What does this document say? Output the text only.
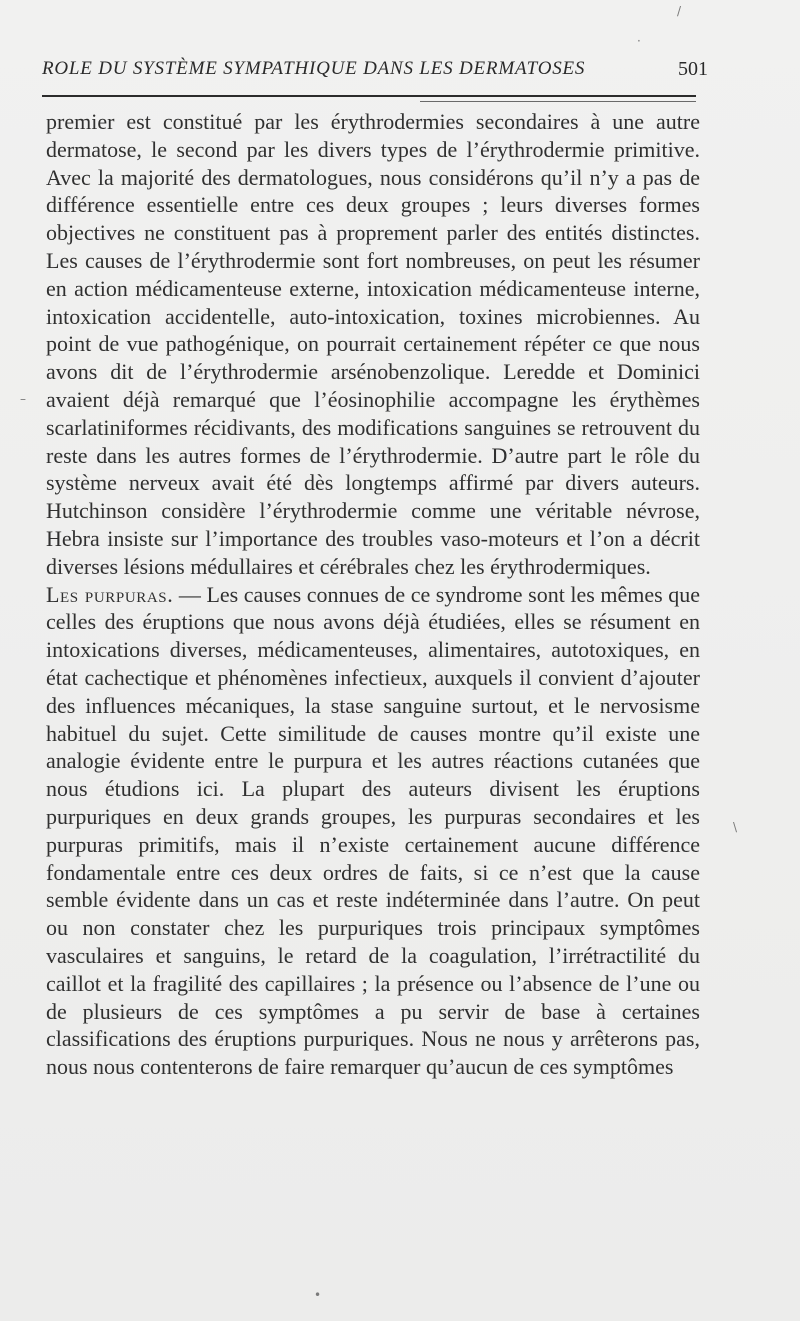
ROLE DU SYSTÈME SYMPATHIQUE DANS LES DERMATOSES	501

premier est constitué par les érythrodermies secondaires à une autre dermatose, le second par les divers types de l’érythrodermie primitive. Avec la majorité des dermatologues, nous considérons qu’il n’y a pas de différence essentielle entre ces deux groupes ; leurs diverses formes objectives ne constituent pas à proprement parler des entités distinctes. Les causes de l’érythrodermie sont fort nombreuses, on peut les résumer en action médicamenteuse externe, intoxication médicamenteuse interne, intoxication accidentelle, auto-intoxication, toxines microbiennes. Au point de vue pathogénique, on pourrait certainement répéter ce que nous avons dit de l’érythrodermie arsénobenzolique. Leredde et Dominici avaient déjà remarqué que l’éosinophilie accompagne les érythèmes scarlatiniformes récidivants, des modifications sanguines se retrouvent du reste dans les autres formes de l’érythrodermie. D’autre part le rôle du système nerveux avait été dès longtemps affirmé par divers auteurs. Hutchinson considère l’érythrodermie comme une véritable névrose, Hebra insiste sur l’importance des troubles vaso-moteurs et l’on a décrit diverses lésions médullaires et cérébrales chez les érythrodermiques.

Les purpuras. — Les causes connues de ce syndrome sont les mêmes que celles des éruptions que nous avons déjà étudiées, elles se résument en intoxications diverses, médicamenteuses, alimentaires, autotoxiques, en état cachectique et phénomènes infectieux, auxquels il convient d’ajouter des influences mécaniques, la stase sanguine surtout, et le nervosisme habituel du sujet. Cette similitude de causes montre qu’il existe une analogie évidente entre le purpura et les autres réactions cutanées que nous étudions ici. La plupart des auteurs divisent les éruptions purpuriques en deux grands groupes, les purpuras secondaires et les purpuras primitifs, mais il n’existe certainement aucune différence fondamentale entre ces deux ordres de faits, si ce n’est que la cause semble évidente dans un cas et reste indéterminée dans l’autre. On peut ou non constater chez les purpuriques trois principaux symptômes vasculaires et sanguins, le retard de la coagulation, l’irrétractilité du caillot et la fragilité des capillaires ; la présence ou l’absence de l’une ou de plusieurs de ces symptômes a pu servir de base à certaines classifications des éruptions purpuriques. Nous ne nous y arrêterons pas, nous nous contenterons de faire remarquer qu’aucun de ces symptômes

–
/
·
•
\
